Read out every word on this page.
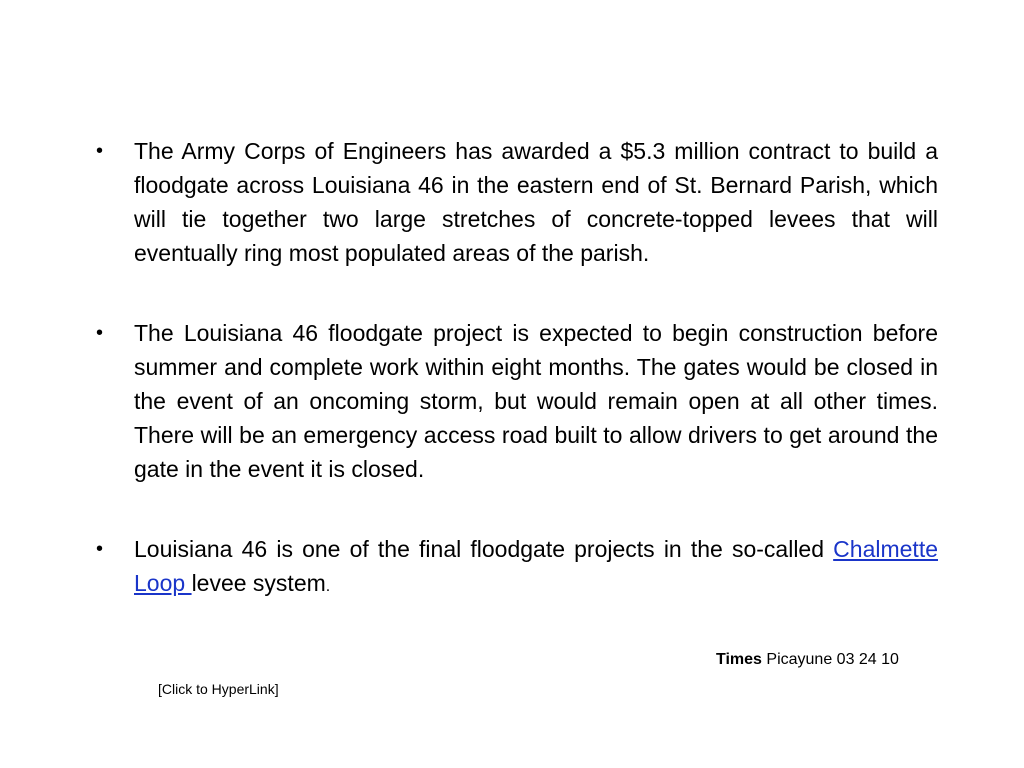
•	The Army Corps of Engineers has awarded a $5.3 million contract to build a floodgate across Louisiana 46 in the eastern end of St. Bernard Parish, which will tie together two large stretches of concrete-topped levees that will eventually ring most populated areas of the parish.
•	The Louisiana 46 floodgate project is expected to begin construction before summer and complete work within eight months. The gates would be closed in the event of an oncoming storm, but would remain open at all other times. There will be an emergency access road built to allow drivers to get around the gate in the event it is closed.
•	Louisiana 46 is one of the final floodgate projects in the so-called Chalmette Loop levee system.
Times Picayune 03 24 10
[Click to HyperLink]
